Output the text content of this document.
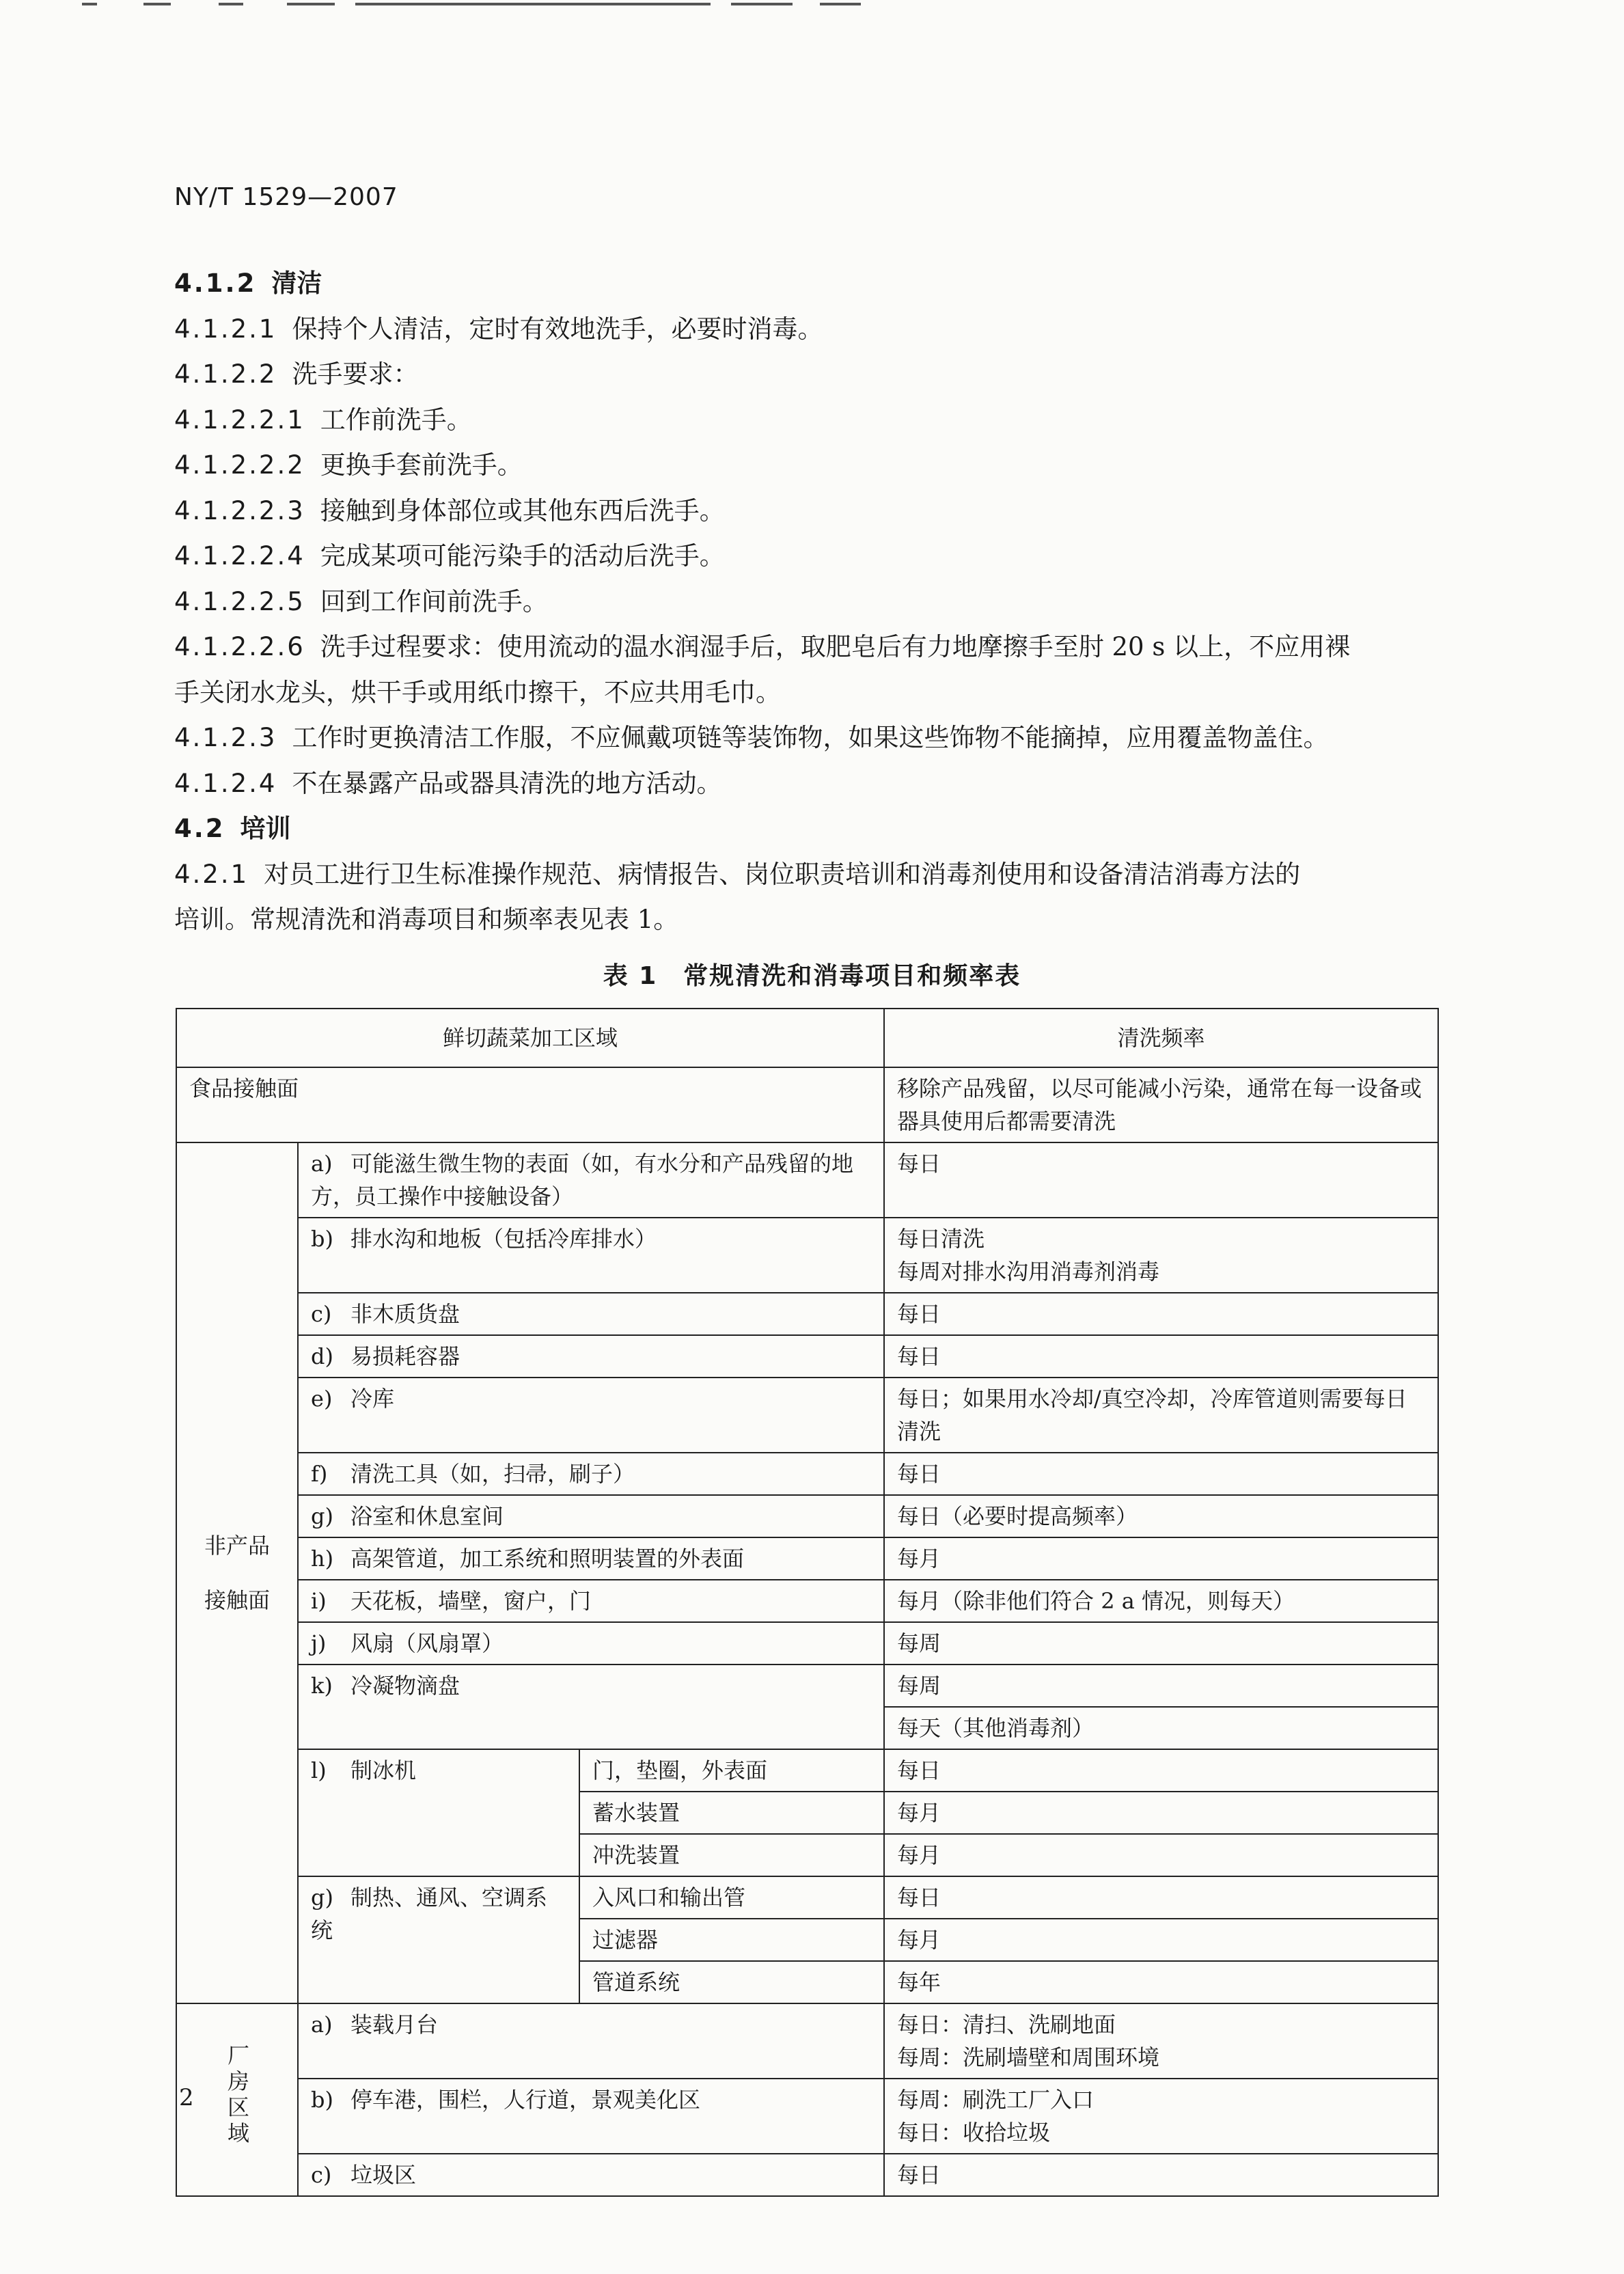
NY/T 1529—2007
4.1.2 清洁
4.1.2.1 保持个人清洁，定时有效地洗手，必要时消毒。
4.1.2.2 洗手要求：
4.1.2.2.1 工作前洗手。
4.1.2.2.2 更换手套前洗手。
4.1.2.2.3 接触到身体部位或其他东西后洗手。
4.1.2.2.4 完成某项可能污染手的活动后洗手。
4.1.2.2.5 回到工作间前洗手。
4.1.2.2.6 洗手过程要求：使用流动的温水润湿手后，取肥皂后有力地摩擦手至肘 20 s 以上，不应用裸
手关闭水龙头，烘干手或用纸巾擦干，不应共用毛巾。
4.1.2.3 工作时更换清洁工作服，不应佩戴项链等装饰物，如果这些饰物不能摘掉，应用覆盖物盖住。
4.1.2.4 不在暴露产品或器具清洗的地方活动。
4.2 培训
4.2.1 对员工进行卫生标准操作规范、病情报告、岗位职责培训和消毒剂使用和设备清洁消毒方法的
培训。常规清洗和消毒项目和频率表见表 1。
表 1　常规清洗和消毒项目和频率表
鲜切蔬菜加工区域			清洗频率
食品接触面			移除产品残留，以尽可能减小污染，通常在每一设备或器具使用后都需要清洗
非产品接触面	a) 可能滋生微生物的表面（如，有水分和产品残留的地方，员工操作中接触设备）		每日
	b) 排水沟和地板（包括冷库排水）		每日清洗
每周对排水沟用消毒剂消毒
	c) 非木质货盘		每日
	d) 易损耗容器		每日
	e) 冷库		每日；如果用水冷却/真空冷却，冷库管道则需要每日清洗
	f) 清洗工具（如，扫帚，刷子）		每日
	g) 浴室和休息室间		每日（必要时提高频率）
	h) 高架管道，加工系统和照明装置的外表面		每月
	i) 天花板，墙壁，窗户，门		每月（除非他们符合 2 a 情况，则每天）
	j) 风扇（风扇罩）		每周
	k) 冷凝物滴盘		每周
			每天（其他消毒剂）
	l) 制冰机	门，垫圈，外表面	每日
		蓄水装置	每月
		冲洗装置	每月
	g) 制热、通风、空调系统	入风口和输出管	每日
		过滤器	每月
		管道系统	每年
厂房区域	a) 装载月台		每日：清扫、洗刷地面
每周：洗刷墙壁和周围环境

	b) 停车港，围栏，人行道，景观美化区		每周：刷洗工厂入口
每日：收拾垃圾

	c) 垃圾区		每日
2
